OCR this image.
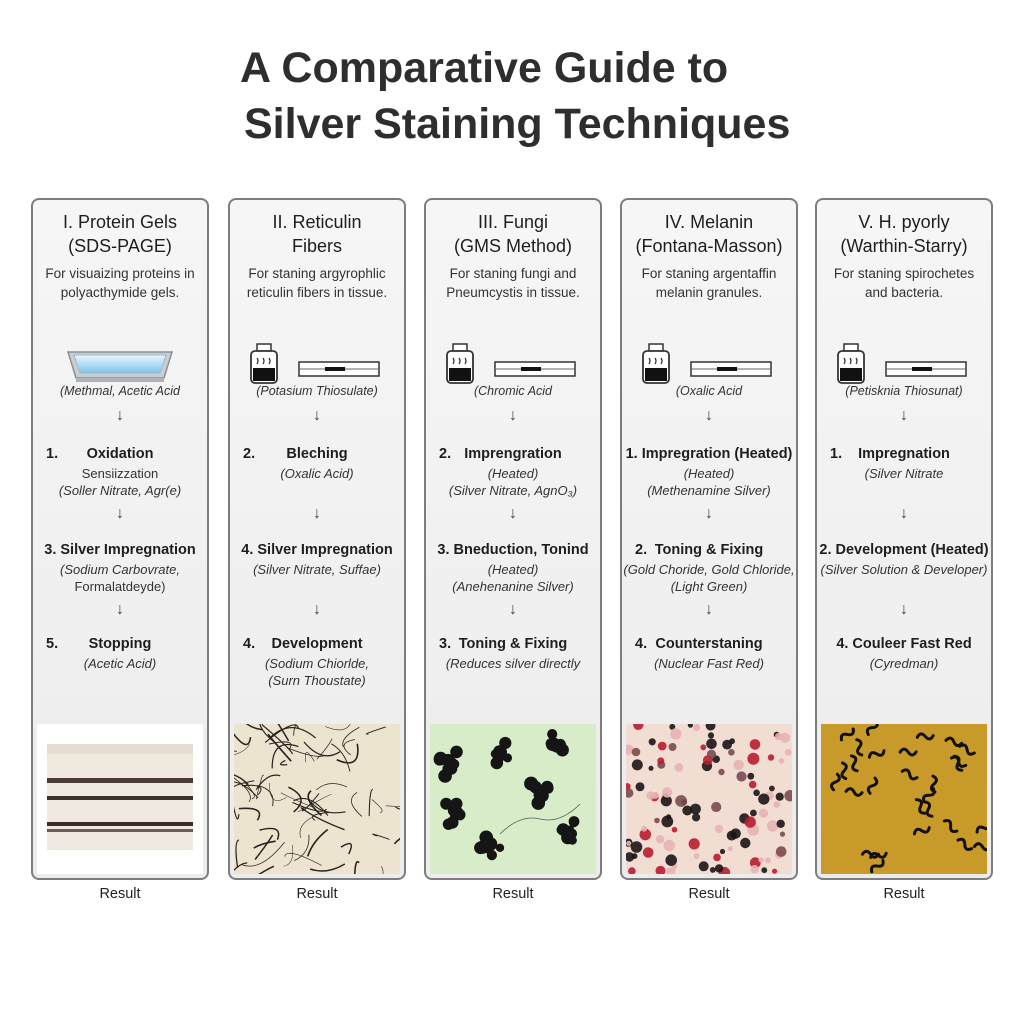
A Comparative Guide to
Silver Staining Techniques
I. Protein Gels
(SDS-PAGE)
For visuaizing proteins in
polyacthymide gels.
(Methmal, Acetic Acid
↓
↓
↓
1.	Oxidation
Sensiizzation
(Soller Nitrate, Agr(e)
3. Silver Impregnation
(Sodium Carbovrate,
Formalatdeyde)
5.	Stopping
(Acetic Acid)
Result
II. Reticulin
Fibers
For staning argyrophlic
reticulin fibers in tissue.
(Potasium Thiosulate)
↓
↓
↓
2.	Bleching
(Oxalic Acid)
4. Silver Impregnation
(Silver Nitrate, Suffae)
4.	Development
(Sodium Chiorlde,
(Surn Thoustate)
Result
III. Fungi
(GMS Method)
For staning fungi and
Pneumcystis in tissue.
(Chromic Acid
↓
↓
↓
2. Imprengration
(Heated)
(Silver Nitrate, AgnO₃)
3. Bneduction, Tonind
(Heated)
(Anehenanine Silver)
3. Toning & Fixing
(Reduces silver directly
Result
IV. Melanin
(Fontana-Masson)
For staning argentaffin
melanin granules.
(Oxalic Acid
↓
↓
↓
1. Impregration (Heated)
(Heated)
(Methenamine Silver)
2. Toning & Fixing
(Gold Choride, Gold Chloride,
(Light Green)
4. Counterstaning
(Nuclear Fast Red)
Result
V. H. pyorly
(Warthin-Starry)
For staning spirochetes
and bacteria.
(Petisknia Thiosunat)
↓
↓
↓
1.	Impregnation
(Silver Nitrate
2. Development (Heated)
(Silver Solution & Developer)
4. Couleer Fast Red
(Cyredman)
Result
